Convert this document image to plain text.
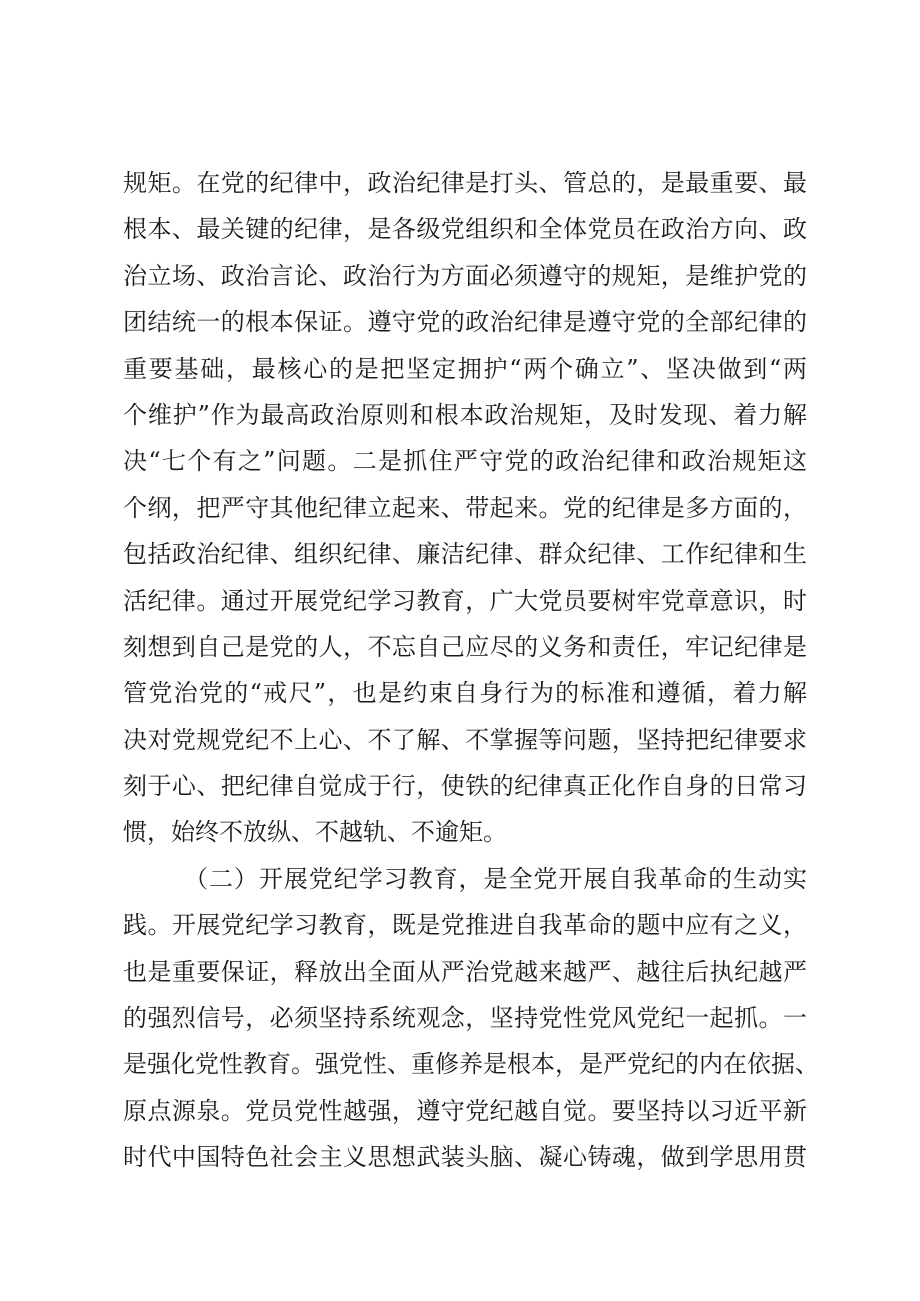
规矩。在党的纪律中，政治纪律是打头、管总的，是最重要、最
根本、最关键的纪律，是各级党组织和全体党员在政治方向、政
治立场、政治言论、政治行为方面必须遵守的规矩，是维护党的
团结统一的根本保证。遵守党的政治纪律是遵守党的全部纪律的
重要基础，最核心的是把坚定拥护“两个确立”、坚决做到“两
个维护”作为最高政治原则和根本政治规矩，及时发现、着力解
决“七个有之”问题。二是抓住严守党的政治纪律和政治规矩这
个纲，把严守其他纪律立起来、带起来。党的纪律是多方面的，
包括政治纪律、组织纪律、廉洁纪律、群众纪律、工作纪律和生
活纪律。通过开展党纪学习教育，广大党员要树牢党章意识，时
刻想到自己是党的人，不忘自己应尽的义务和责任，牢记纪律是
管党治党的“戒尺”，也是约束自身行为的标准和遵循，着力解
决对党规党纪不上心、不了解、不掌握等问题，坚持把纪律要求
刻于心、把纪律自觉成于行，使铁的纪律真正化作自身的日常习
惯，始终不放纵、不越轨、不逾矩。
（二）开展党纪学习教育，是全党开展自我革命的生动实
践。开展党纪学习教育，既是党推进自我革命的题中应有之义，
也是重要保证，释放出全面从严治党越来越严、越往后执纪越严
的强烈信号，必须坚持系统观念，坚持党性党风党纪一起抓。一
是强化党性教育。强党性、重修养是根本，是严党纪的内在依据、
原点源泉。党员党性越强，遵守党纪越自觉。要坚持以习近平新
时代中国特色社会主义思想武装头脑、凝心铸魂，做到学思用贯
